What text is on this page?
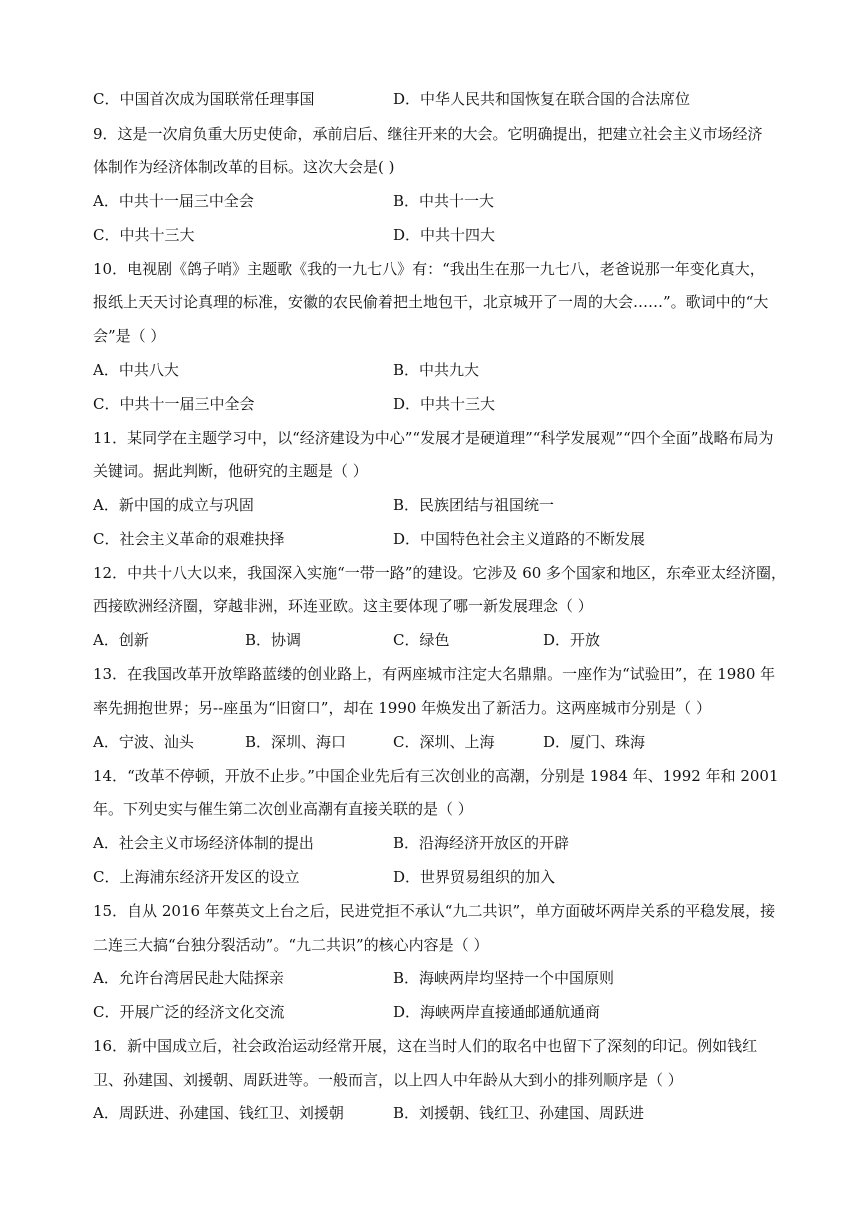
C．中国首次成为国联常任理事国	D．中华人民共和国恢复在联合国的合法席位
9．这是一次肩负重大历史使命，承前启后、继往开来的大会。它明确提出，把建立社会主义市场经济
体制作为经济体制改革的目标。这次大会是( )
A．中共十一届三中全会	B．中共十一大
C．中共十三大	D．中共十四大
10．电视剧《鸽子哨》主题歌《我的一九七八》有：“我出生在那一九七八，老爸说那一年变化真大，
报纸上天天讨论真理的标准，安徽的农民偷着把土地包干，北京城开了一周的大会……”。歌词中的“大
会”是（ ）
A．中共八大	B．中共九大
C．中共十一届三中全会	D．中共十三大
11．某同学在主题学习中，以“经济建设为中心”“发展才是硬道理”“科学发展观”“四个全面”战略布局为
关键词。据此判断，他研究的主题是（ ）
A．新中国的成立与巩固	B．民族团结与祖国统一
C．社会主义革命的艰难抉择	D．中国特色社会主义道路的不断发展
12．中共十八大以来，我国深入实施“一带一路”的建设。它涉及 60 多个国家和地区，东牵亚太经济圈，
西接欧洲经济圈，穿越非洲，环连亚欧。这主要体现了哪一新发展理念（ ）
A．创新	B．协调	C．绿色	D．开放
13．在我国改革开放筚路蓝缕的创业路上，有两座城市注定大名鼎鼎。一座作为“试验田”，在 1980 年
率先拥抱世界；另--座虽为“旧窗口”，却在 1990 年焕发出了新活力。这两座城市分别是（ ）
A．宁波、汕头	B．深圳、海口	C．深圳、上海	D．厦门、珠海
14．“改革不停顿，开放不止步。”中国企业先后有三次创业的高潮，分别是 1984 年、1992 年和 2001
年。下列史实与催生第二次创业高潮有直接关联的是（ ）
A．社会主义市场经济体制的提出	B．沿海经济开放区的开辟
C．上海浦东经济开发区的设立	D．世界贸易组织的加入
15．自从 2016 年蔡英文上台之后，民进党拒不承认“九二共识”，单方面破坏两岸关系的平稳发展，接
二连三大搞“台独分裂活动”。“九二共识”的核心内容是（ ）
A．允许台湾居民赴大陆探亲	B．海峡两岸均坚持一个中国原则
C．开展广泛的经济文化交流	D．海峡两岸直接通邮通航通商
16．新中国成立后，社会政治运动经常开展，这在当时人们的取名中也留下了深刻的印记。例如钱红
卫、孙建国、刘援朝、周跃进等。一般而言，以上四人中年龄从大到小的排列顺序是（ ）
A．周跃进、孙建国、钱红卫、刘援朝	B．刘援朝、钱红卫、孙建国、周跃进
